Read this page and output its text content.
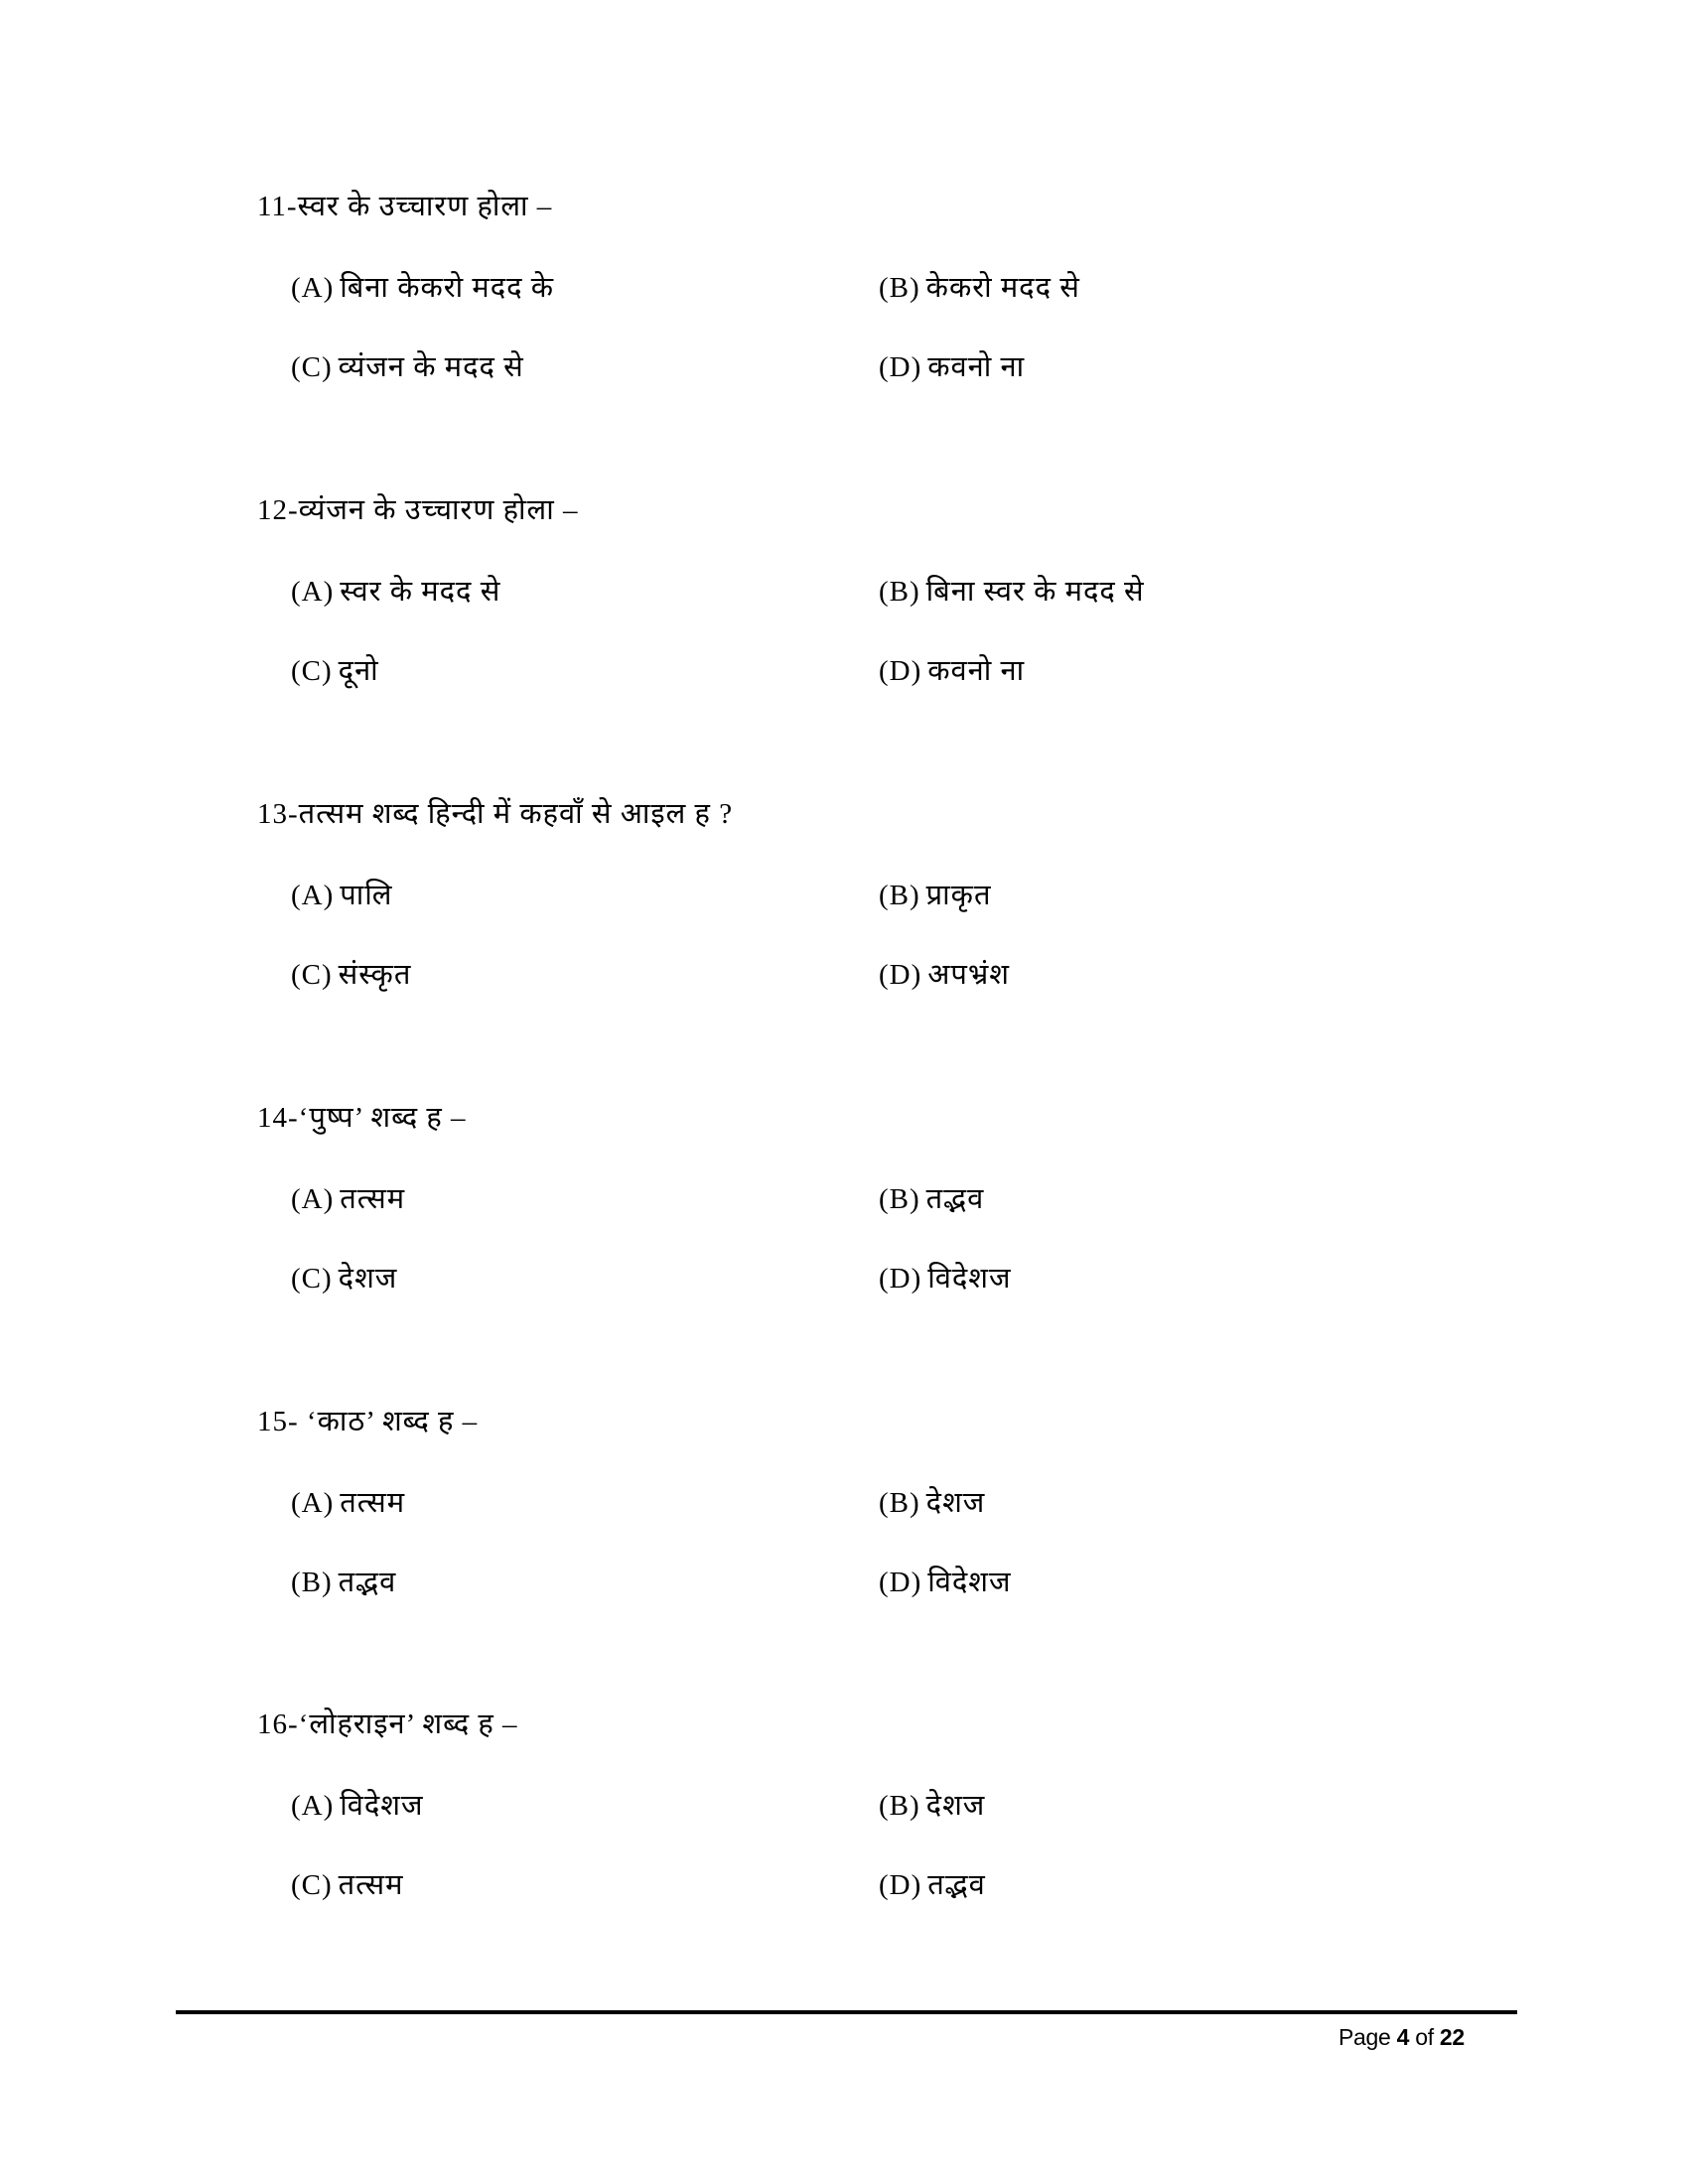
11-स्वर के उच्चारण होला –
(A) बिना केकरो मदद के	(B) केकरो मदद से
(C) व्यंजन के मदद से	(D) कवनो ना
12-व्यंजन के उच्चारण होला –
(A) स्वर के मदद से	(B) बिना स्वर के मदद से
(C) दूनो	(D) कवनो ना
13-तत्सम शब्द हिन्दी में कहवाँ से आइल ह ?
(A) पालि	(B) प्राकृत
(C) संस्कृत	(D) अपभ्रंश
14-‘पुष्प’ शब्द ह –
(A) तत्सम	(B) तद्भव
(C) देशज	(D) विदेशज
15- ‘काठ’ शब्द ह –
(A) तत्सम	(B) देशज
(B) तद्भव	(D) विदेशज
16-‘लोहराइन’ शब्द ह –
(A) विदेशज	(B) देशज
(C) तत्सम	(D) तद्भव
Page 4 of 22
